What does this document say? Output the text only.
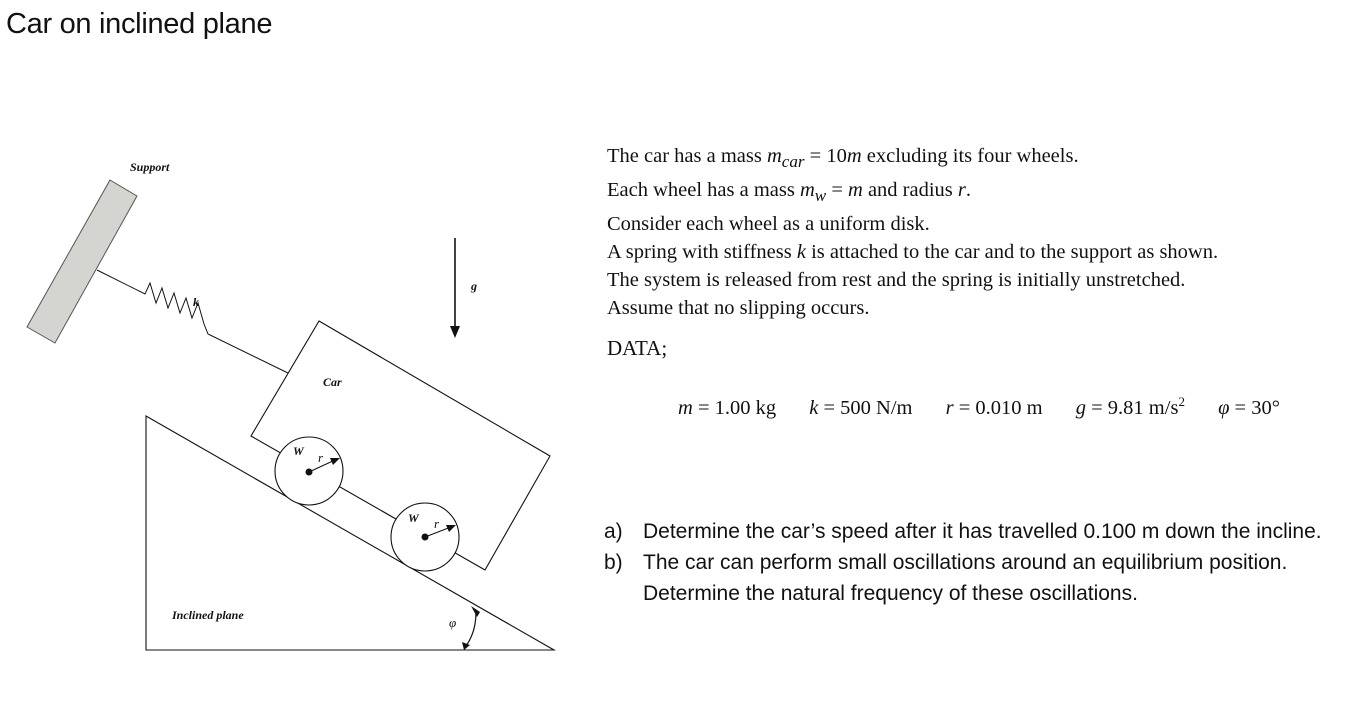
Car on inclined plane
Support
k
g
Inclined plane
Car
W r
W r
φ

The car has a mass $m_{car} = 10m$ excluding its four wheels.

Each wheel has a mass $m_w = m$ and radius r.

Consider each wheel as a uniform disk.

A spring with stiffness k is attached to the car and to the support as shown.

The system is released from rest and the spring is initially unstretched.

Assume that no slipping occurs.

DATA;
m = 1.00 kg k = 500 N/m r = 0.010 m g = 9.81 $m/s^2$ φ = 30°
a) Determine the car’s speed after it has travelled 0.100 m down the incline.
b) The car can perform small oscillations around an equilibrium position. Determine the natural frequency of these oscillations.
